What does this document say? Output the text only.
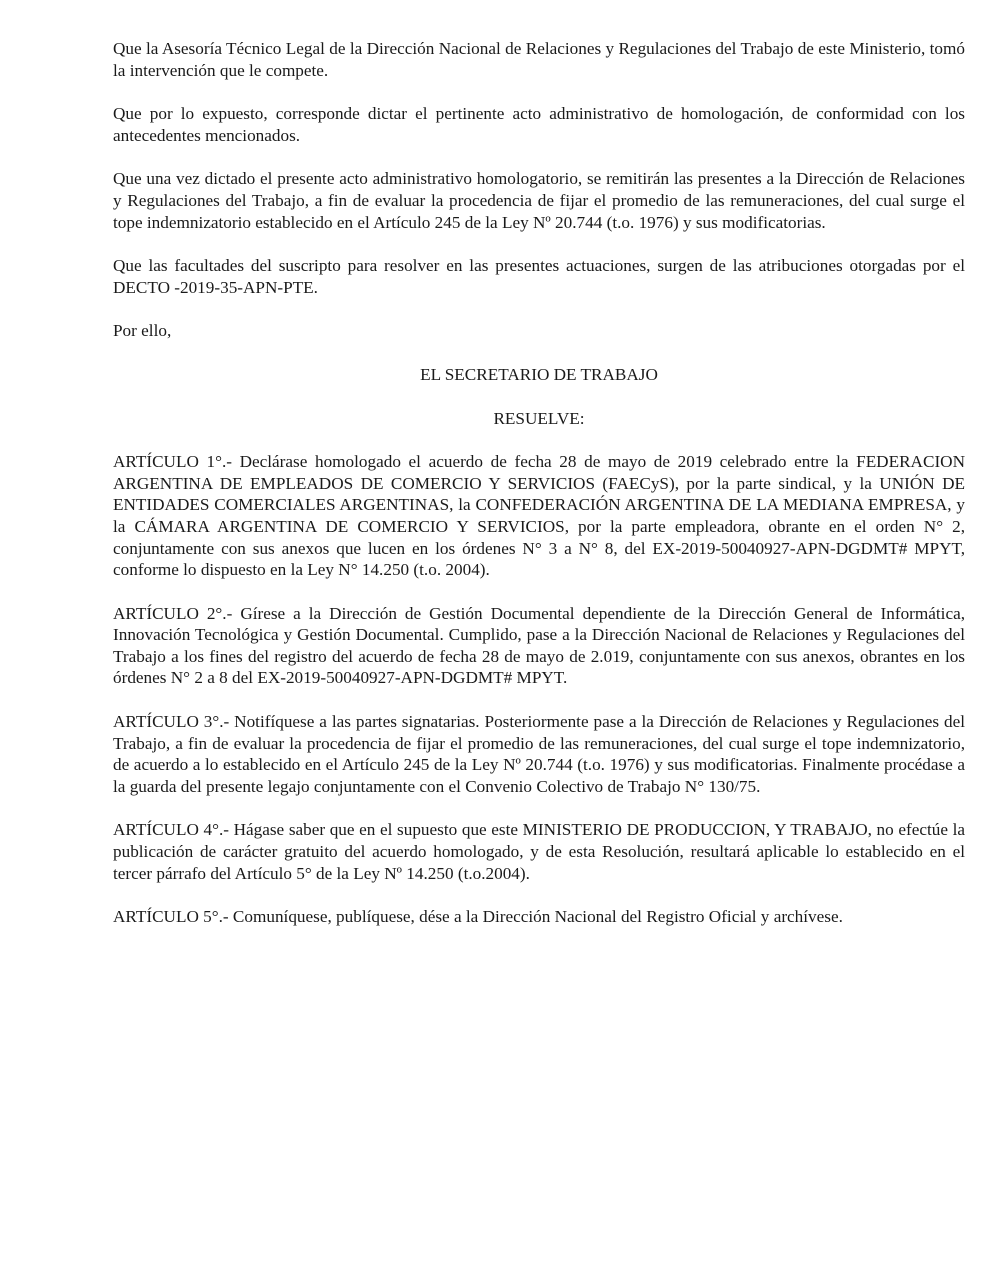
Que la Asesoría Técnico Legal de la Dirección Nacional de Relaciones y Regulaciones del Trabajo de este Ministerio, tomó la intervención que le compete.

Que por lo expuesto, corresponde dictar el pertinente acto administrativo de homologación, de conformidad con los antecedentes mencionados.

Que una vez dictado el presente acto administrativo homologatorio, se remitirán las presentes a la Dirección de Relaciones y Regulaciones del Trabajo, a fin de evaluar la procedencia de fijar el promedio de las remuneraciones, del cual surge el tope indemnizatorio establecido en el Artículo 245 de la Ley Nº 20.744 (t.o. 1976) y sus modificatorias.

Que las facultades del suscripto para resolver en las presentes actuaciones, surgen de las atribuciones otorgadas por el DECTO -2019-35-APN-PTE.

Por ello,

EL SECRETARIO DE TRABAJO

RESUELVE:

ARTÍCULO 1°.- Declárase homologado el acuerdo de fecha 28 de mayo de 2019 celebrado entre la FEDERACION ARGENTINA DE EMPLEADOS DE COMERCIO Y SERVICIOS (FAECyS), por la parte sindical, y la UNIÓN DE ENTIDADES COMERCIALES ARGENTINAS, la CONFEDERACIÓN ARGENTINA DE LA MEDIANA EMPRESA, y la CÁMARA ARGENTINA DE COMERCIO Y SERVICIOS, por la parte empleadora, obrante en el orden N° 2, conjuntamente con sus anexos que lucen en los órdenes N° 3 a N° 8, del EX-2019-50040927-APN-DGDMT# MPYT, conforme lo dispuesto en la Ley N° 14.250 (t.o. 2004).

ARTÍCULO 2°.- Gírese a la Dirección de Gestión Documental dependiente de la Dirección General de Informática, Innovación Tecnológica y Gestión Documental. Cumplido, pase a la Dirección Nacional de Relaciones y Regulaciones del Trabajo a los fines del registro del acuerdo de fecha 28 de mayo de 2.019, conjuntamente con sus anexos, obrantes en los órdenes N° 2 a 8 del EX-2019-50040927-APN-DGDMT# MPYT.

ARTÍCULO 3°.- Notifíquese a las partes signatarias. Posteriormente pase a la Dirección de Relaciones y Regulaciones del Trabajo, a fin de evaluar la procedencia de fijar el promedio de las remuneraciones, del cual surge el tope indemnizatorio, de acuerdo a lo establecido en el Artículo 245 de la Ley Nº 20.744 (t.o. 1976) y sus modificatorias. Finalmente procédase a la guarda del presente legajo conjuntamente con el Convenio Colectivo de Trabajo N° 130/75.

ARTÍCULO 4°.- Hágase saber que en el supuesto que este MINISTERIO DE PRODUCCION, Y TRABAJO, no efectúe la publicación de carácter gratuito del acuerdo homologado, y de esta Resolución, resultará aplicable lo establecido en el tercer párrafo del Artículo 5° de la Ley Nº 14.250 (t.o.2004).

ARTÍCULO 5°.- Comuníquese, publíquese, dése a la Dirección Nacional del Registro Oficial y archívese.
